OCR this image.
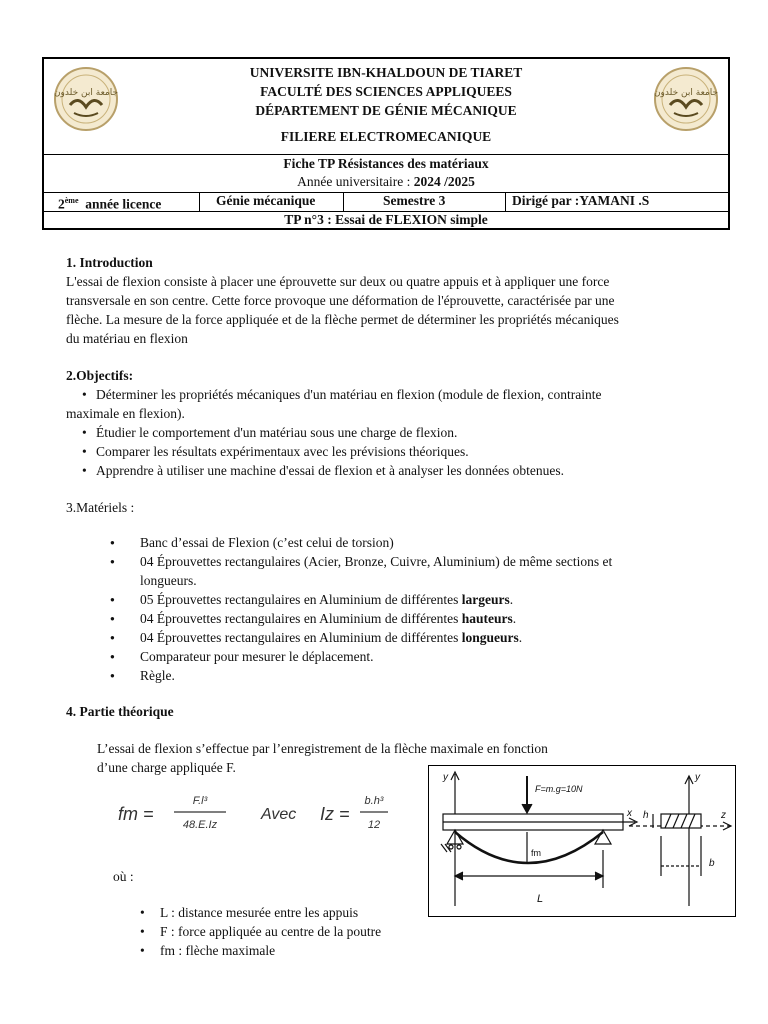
جامعة ابن خلدون
UNIVERSITE IBN-KHALDOUN DE TIARET
FACULTÉ DES SCIENCES APPLIQUEES
DÉPARTEMENT DE GÉNIE MÉCANIQUE
FILIERE ELECTROMECANIQUE
جامعة ابن خلدون
Fiche TP Résistances des matériaux
Année universitaire : 2024 /2025
2ème  année licence	Génie mécanique	Semestre 3	Dirigé par :YAMANI .S
TP n°3 : Essai de FLEXION simple
1. Introduction
L'essai de flexion consiste à placer une éprouvette sur deux ou quatre appuis et à appliquer une force
transversale en son centre. Cette force provoque une déformation de l'éprouvette, caractérisée par une
flèche. La mesure de la force appliquée et de la flèche permet de déterminer les propriétés mécaniques
du matériau en flexion
2.Objectifs:
• Déterminer les propriétés mécaniques d'un matériau en flexion (module de flexion, contrainte
maximale en flexion).
• Étudier le comportement d'un matériau sous une charge de flexion.
• Comparer les résultats expérimentaux avec les prévisions théoriques.
• Apprendre à utiliser une machine d'essai de flexion et à analyser les données obtenues.
3.Matériels :
● Banc d’essai de Flexion (c’est celui de torsion)
● 04 Éprouvettes rectangulaires (Acier, Bronze, Cuivre, Aluminium) de même sections et
longueurs.
● 05 Éprouvettes rectangulaires en Aluminium de différentes largeurs.
● 04 Éprouvettes rectangulaires en Aluminium de différentes hauteurs.
● 04 Éprouvettes rectangulaires en Aluminium de différentes longueurs.
● Comparateur pour mesurer le déplacement.
● Règle.
4. Partie théorique
L’essai de flexion s’effectue par l’enregistrement de la flèche maximale en fonction
d’une charge appliquée F.
fm =
F.l³
48.E.Iz
Avec Iz =
b.h³
12
où :
• L : distance mesurée entre les appuis
• F : force appliquée au centre de la poutre
• fm : flèche maximale
F=m.g=10N
fm
L
x
y	y
z
h
b
